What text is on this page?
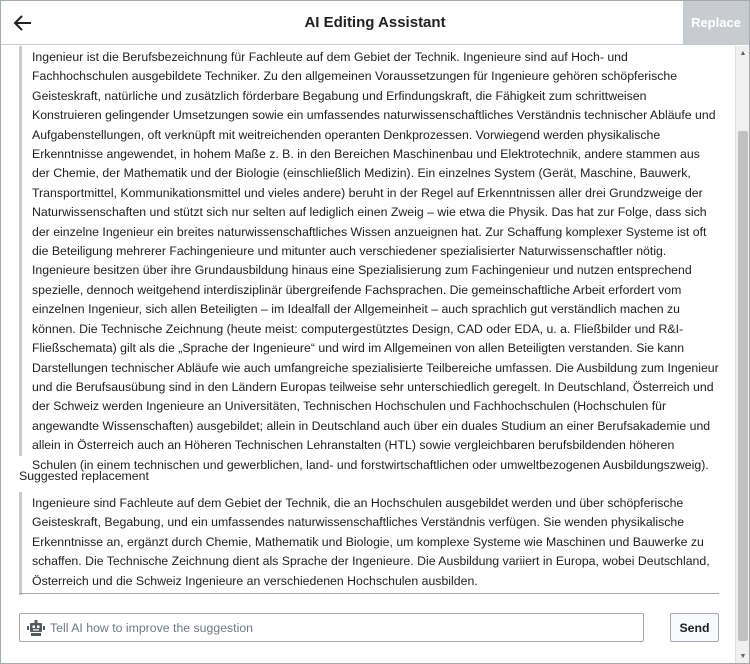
AI Editing Assistant	Replace
Ingenieur ist die Berufsbezeichnung für Fachleute auf dem Gebiet der Technik. Ingenieure sind auf Hoch- und Fachhochschulen ausgebildete Techniker. Zu den allgemeinen Voraussetzungen für Ingenieure gehören schöpferische Geisteskraft, natürliche und zusätzlich förderbare Begabung und Erfindungskraft, die Fähigkeit zum schrittweisen Konstruieren gelingender Umsetzungen sowie ein umfassendes naturwissenschaftliches Verständnis technischer Abläufe und Aufgabenstellungen, oft verknüpft mit weitreichenden operanten Denkprozessen. Vorwiegend werden physikalische Erkenntnisse angewendet, in hohem Maße z. B. in den Bereichen Maschinenbau und Elektrotechnik, andere stammen aus der Chemie, der Mathematik und der Biologie (einschließlich Medizin). Ein einzelnes System (Gerät, Maschine, Bauwerk, Transportmittel, Kommunikationsmittel und vieles andere) beruht in der Regel auf Erkenntnissen aller drei Grundzweige der Naturwissenschaften und stützt sich nur selten auf lediglich einen Zweig – wie etwa die Physik. Das hat zur Folge, dass sich der einzelne Ingenieur ein breites naturwissenschaftliches Wissen anzueignen hat. Zur Schaffung komplexer Systeme ist oft die Beteiligung mehrerer Fachingenieure und mitunter auch verschiedener spezialisierter Naturwissenschaftler nötig. Ingenieure besitzen über ihre Grundausbildung hinaus eine Spezialisierung zum Fachingenieur und nutzen entsprechend spezielle, dennoch weitgehend interdisziplinär übergreifende Fachsprachen. Die gemeinschaftliche Arbeit erfordert vom einzelnen Ingenieur, sich allen Beteiligten – im Idealfall der Allgemeinheit – auch sprachlich gut verständlich machen zu können. Die Technische Zeichnung (heute meist: computergestütztes Design, CAD oder EDA, u. a. Fließbilder und R&I-Fließschemata) gilt als die „Sprache der Ingenieure“ und wird im Allgemeinen von allen Beteiligten verstanden. Sie kann Darstellungen technischer Abläufe wie auch umfangreiche spezialisierte Teilbereiche umfassen. Die Ausbildung zum Ingenieur und die Berufsausübung sind in den Ländern Europas teilweise sehr unterschiedlich geregelt. In Deutschland, Österreich und der Schweiz werden Ingenieure an Universitäten, Technischen Hochschulen und Fachhochschulen (Hochschulen für angewandte Wissenschaften) ausgebildet; allein in Deutschland auch über ein duales Studium an einer Berufsakademie und allein in Österreich auch an Höheren Technischen Lehranstalten (HTL) sowie vergleichbaren berufsbildenden höheren Schulen (in einem technischen und gewerblichen, land- und forstwirtschaftlichen oder umweltbezogenen Ausbildungszweig).
Suggested replacement
Ingenieure sind Fachleute auf dem Gebiet der Technik, die an Hochschulen ausgebildet werden und über schöpferische Geisteskraft, Begabung, und ein umfassendes naturwissenschaftliches Verständnis verfügen. Sie wenden physikalische Erkenntnisse an, ergänzt durch Chemie, Mathematik und Biologie, um komplexe Systeme wie Maschinen und Bauwerke zu schaffen. Die Technische Zeichnung dient als Sprache der Ingenieure. Die Ausbildung variiert in Europa, wobei Deutschland, Österreich und die Schweiz Ingenieure an verschiedenen Hochschulen ausbilden.
▲
▼
Tell AI how to improve the suggestion
Send
